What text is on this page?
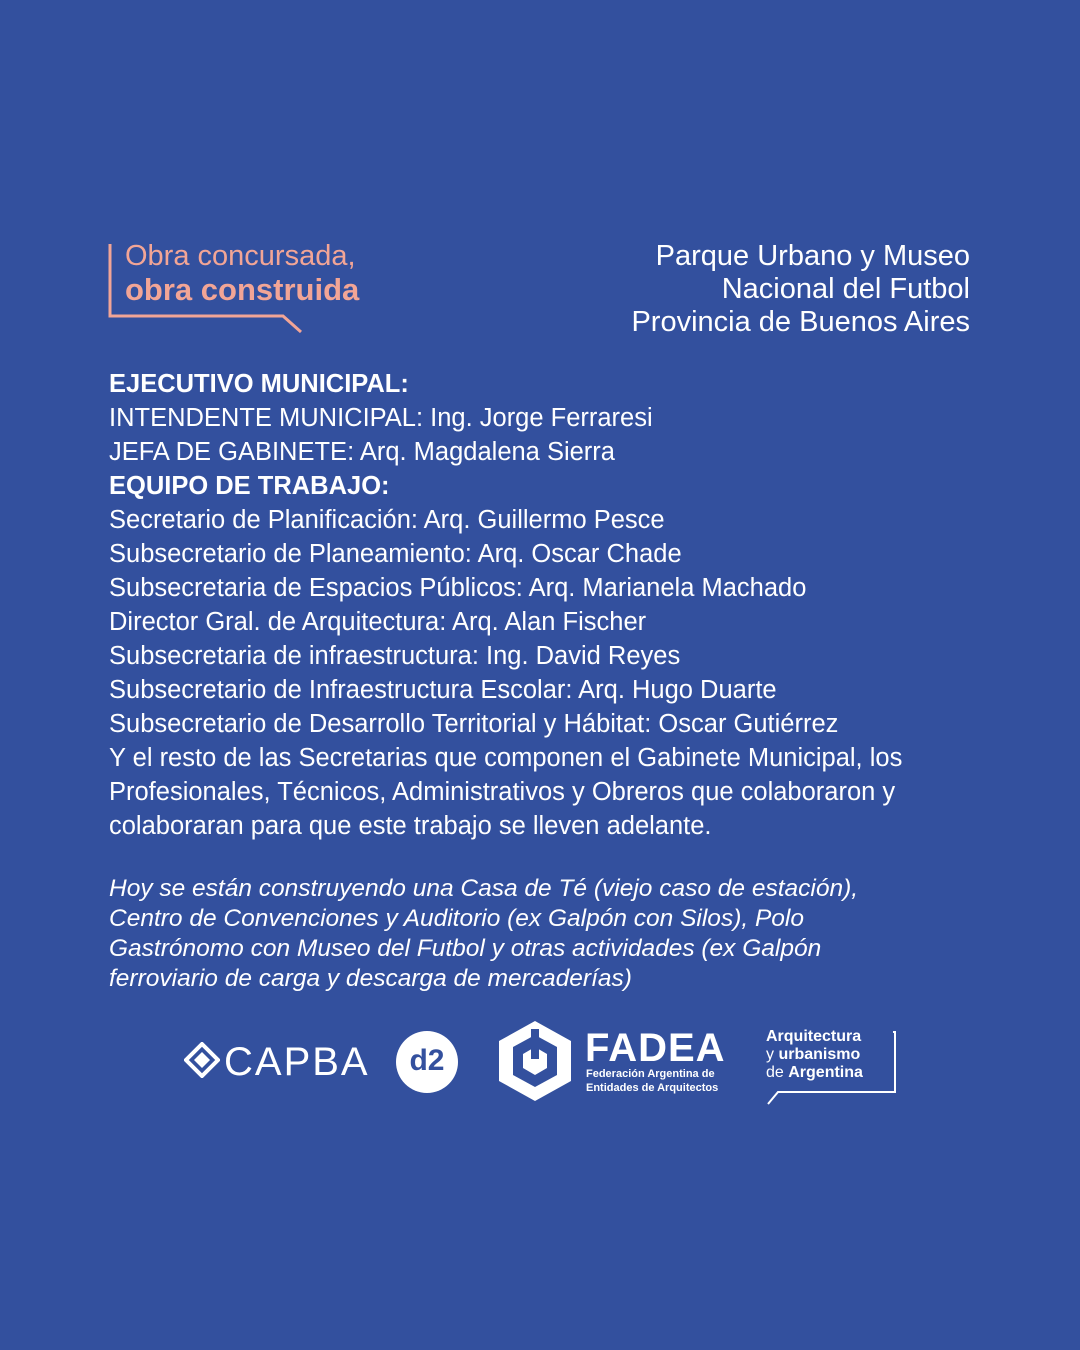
Obra concursada,
obra construida
Parque Urbano y Museo
Nacional del Futbol
Provincia de Buenos Aires
EJECUTIVO MUNICIPAL:
INTENDENTE MUNICIPAL: Ing. Jorge Ferraresi
JEFA DE GABINETE: Arq. Magdalena Sierra
EQUIPO DE TRABAJO:
Secretario de Planificación: Arq. Guillermo Pesce
Subsecretario de Planeamiento: Arq. Oscar Chade
Subsecretaria de Espacios Públicos: Arq. Marianela Machado
Director Gral. de Arquitectura: Arq. Alan Fischer
Subsecretaria de infraestructura: Ing. David Reyes
Subsecretario de Infraestructura Escolar: Arq. Hugo Duarte
Subsecretario de Desarrollo Territorial y Hábitat: Oscar Gutiérrez
Y el resto de las Secretarias que componen el Gabinete Municipal, los Profesionales, Técnicos, Administrativos y Obreros que colaboraron y colaboraran para que este trabajo se lleven adelante.
Hoy se están construyendo una Casa de Té (viejo caso de estación), Centro de Convenciones y Auditorio (ex Galpón con Silos), Polo Gastrónomo con Museo del Futbol y otras actividades (ex Galpón ferroviario de carga y descarga de mercaderías)
CAPBA	d2	FADEA
Federación Argentina de
Entidades de Arquitectos
Arquitectura
y urbanismo
de Argentina
